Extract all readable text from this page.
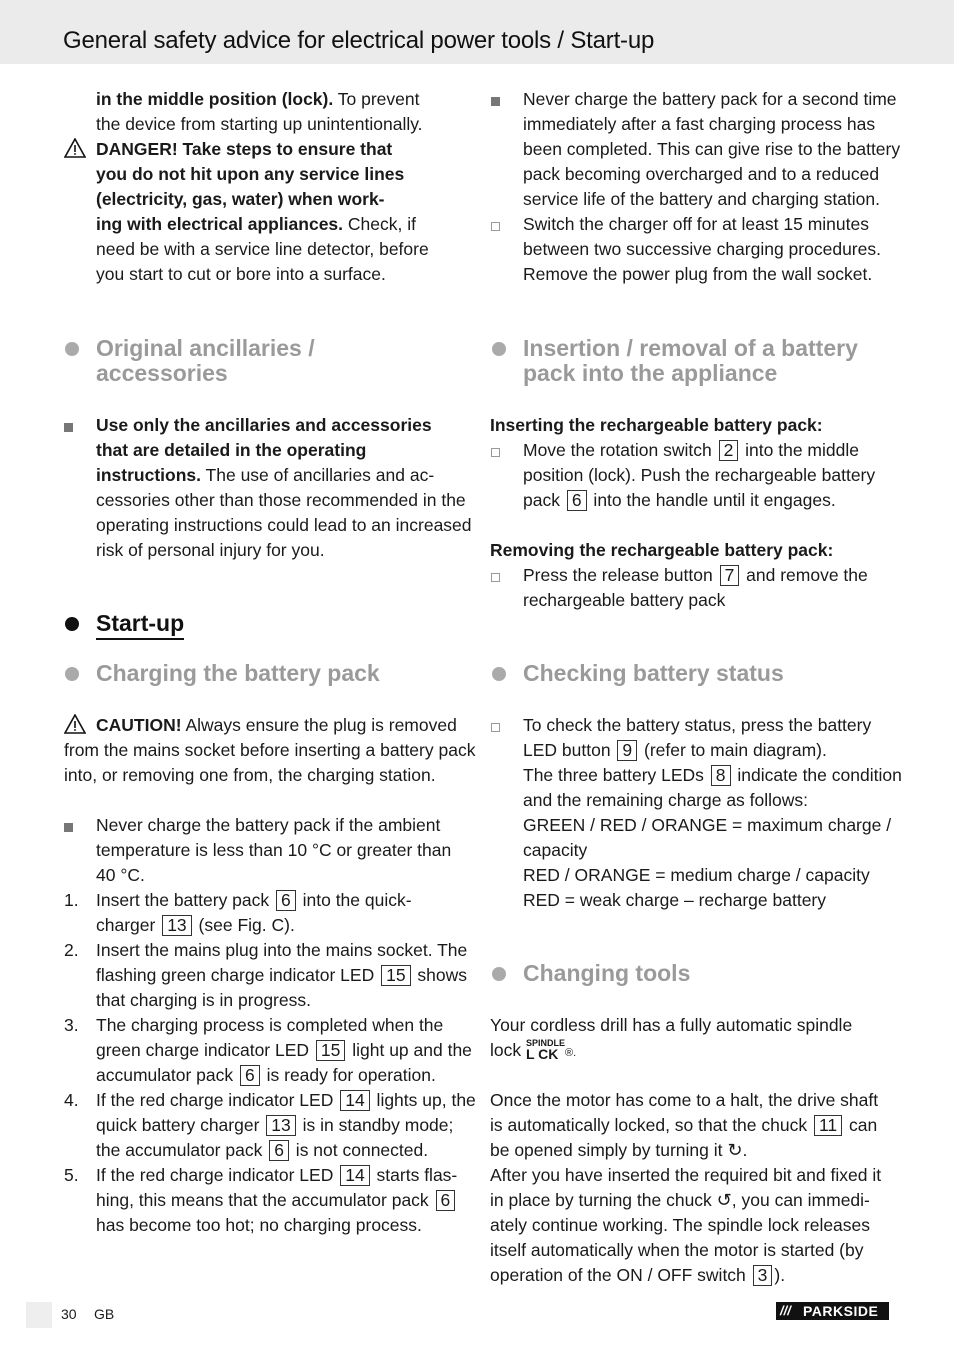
General safety advice for electrical power tools / Start-up
in the middle position (lock). To prevent
the device from starting up unintentionally.
DANGER! Take steps to ensure that
you do not hit upon any service lines
(electricity, gas, water) when work-
ing with electrical appliances. Check, if
need be with a service line detector, before
you start to cut or bore into a surface.
Original ancillaries /
accessories
Use only the ancillaries and accessories
that are detailed in the operating
instructions. The use of ancillaries and ac-
cessories other than those recommended in the
operating instructions could lead to an increased
risk of personal injury for you.
Start-up
Charging the battery pack
CAUTION! Always ensure the plug is removed
from the mains socket before inserting a battery pack
into, or removing one from, the charging station.
Never charge the battery pack if the ambient
temperature is less than 10 °C or greater than
40 °C.
1. Insert the battery pack 6 into the quick-
charger 13 (see Fig. C).
2. Insert the mains plug into the mains socket. The
flashing green charge indicator LED 15 shows
that charging is in progress.
3. The charging process is completed when the
green charge indicator LED 15 light up and the
accumulator pack 6 is ready for operation.
4. If the red charge indicator LED 14 lights up, the
quick battery charger 13 is in standby mode;
the accumulator pack 6 is not connected.
5. If the red charge indicator LED 14 starts flas-
hing, this means that the accumulator pack 6
has become too hot; no charging process.
Never charge the battery pack for a second time
immediately after a fast charging process has
been completed. This can give rise to the battery
pack becoming overcharged and to a reduced
service life of the battery and charging station.
Switch the charger off for at least 15 minutes
between two successive charging procedures.
Remove the power plug from the wall socket.
Insertion / removal of a battery
pack into the appliance
Inserting the rechargeable battery pack:
Move the rotation switch 2 into the middle
position (lock). Push the rechargeable battery
pack 6 into the handle until it engages.
Removing the rechargeable battery pack:
Press the release button 7 and remove the
rechargeable battery pack
Checking battery status
To check the battery status, press the battery
LED button 9 (refer to main diagram).
The three battery LEDs 8 indicate the condition
and the remaining charge as follows:
GREEN / RED / ORANGE = maximum charge /
capacity
RED / ORANGE = medium charge / capacity
RED = weak charge – recharge battery
Changing tools
Your cordless drill has a fully automatic spindle
lock SPINDLE
L CK ®.
Once the motor has come to a halt, the drive shaft
is automatically locked, so that the chuck 11 can
be opened simply by turning it ↻.
After you have inserted the required bit and fixed it
in place by turning the chuck ↺, you can immedi-
ately continue working. The spindle lock releases
itself automatically when the motor is started (by
operation of the ON / OFF switch 3 ).
30 GB	/// PARKSIDE
